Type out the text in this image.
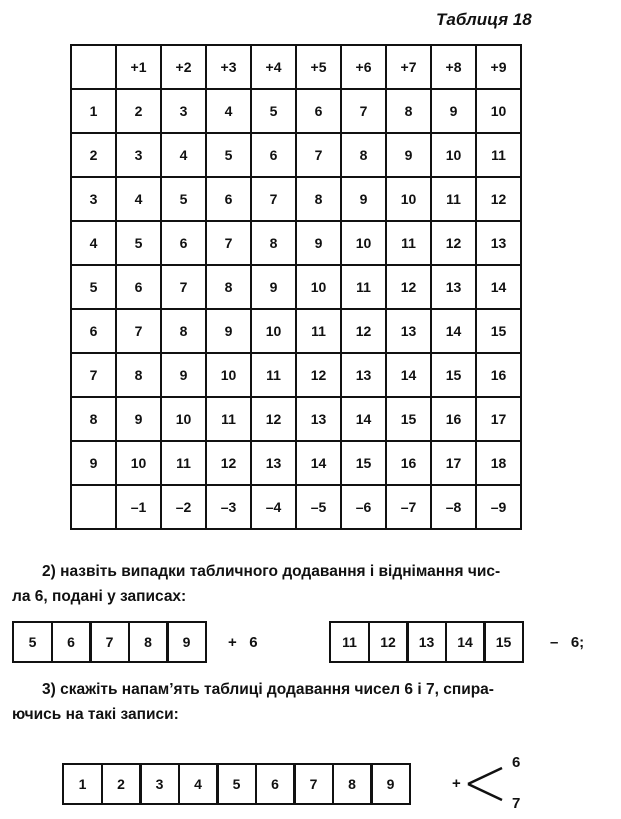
Таблиця 18
	+1	+2	+3	+4	+5	+6	+7	+8	+9
1	2	3	4	5	6	7	8	9	10
2	3	4	5	6	7	8	9	10	11
3	4	5	6	7	8	9	10	11	12
4	5	6	7	8	9	10	11	12	13
5	6	7	8	9	10	11	12	13	14
6	7	8	9	10	11	12	13	14	15
7	8	9	10	11	12	13	14	15	16
8	9	10	11	12	13	14	15	16	17
9	10	11	12	13	14	15	16	17	18
	–1	–2	–3	–4	–5	–6	–7	–8	–9
2) назвіть випадки табличного додавання і віднімання чис-
ла 6, подані у записах:
5	6	7	8	9	+   6	11	12	13	14	15	–   6;
3) скажіть напам’ять таблиці додавання чисел 6 і 7, спира-
ючись на такі записи:
1	2	3	4	5	6	7	8	9	+
6
7
